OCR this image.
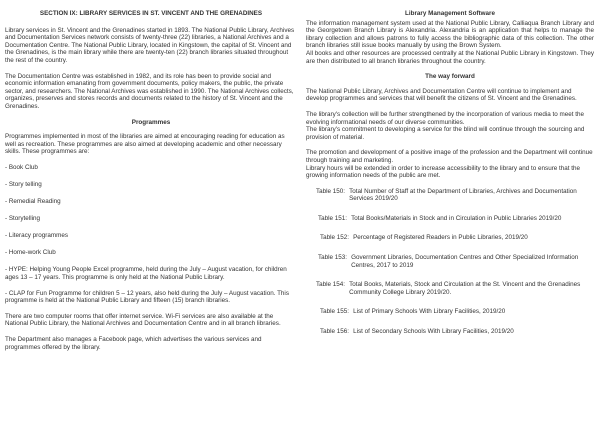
SECTION IX: LIBRARY SERVICES IN ST. VINCENT AND THE GRENADINES

Library services in St. Vincent and the Grenadines started in 1893. The National Public Library, Archives and Documentation Services network consists of twenty-three (22) libraries, a National Archives and a Documentation Centre. The National Public Library, located in Kingstown, the capital of St. Vincent and the Grenadines, is the main library while there are twenty-ten (22) branch libraries situated throughout the rest of the country.

The Documentation Centre was established in 1982, and its role has been to provide social and economic information emanating from government documents, policy makers, the public, the private sector, and researchers. The National Archives was established in 1990. The National Archives collects, organizes, preserves and stores records and documents related to the history of St. Vincent and the Grenadines.

Programmes

Programmes implemented in most of the libraries are aimed at encouraging reading for education as well as recreation. These programmes are also aimed at developing academic and other necessary skills. These programmes are:

- Book Club
- Story telling
- Remedial Reading
- Storytelling
- Literacy programmes
- Home-work Club

- HYPE: Helping Young People Excel programme, held during the July – August vacation, for children ages 13 – 17 years. This programme is only held at the National Public Library.

- CLAP for Fun Programme for children 5 – 12 years, also held during the July – August vacation. This programme is held at the National Public Library and fifteen (15) branch libraries.

There are two computer rooms that offer internet service. Wi-Fi services are also available at the National Public Library, the National Archives and Documentation Centre and in all branch libraries.

The Department also manages a Facebook page, which advertises the various services and programmes offered by the library.

Library Management Software

The information management system used at the National Public Library, Calliaqua Branch Library and the Georgetown Branch Library is Alexandria. Alexandria is an application that helps to manage the library collection and allows patrons to fully access the bibliographic data of this collection. The other branch libraries still issue books manually by using the Brown System.

All books and other resources are processed centrally at the National Public Library in Kingstown. They are then distributed to all branch libraries throughout the country.

The way forward

The National Public Library, Archives and Documentation Centre will continue to implement and develop programmes and services that will benefit the citizens of St. Vincent and the Grenadines.

The library's collection will be further strengthened by the incorporation of various media to meet the evolving informational needs of our diverse communities.

The library's commitment to developing a service for the blind will continue through the sourcing and provision of material.

The promotion and development of a positive image of the profession and the Department will continue through training and marketing.

Library hours will be extended in order to increase accessibility to the library and to ensure that the growing information needs of the public are met.

Table 150: Total Number of Staff at the Department of Libraries, Archives and Documentation Services 2019/20
Table 151: Total Books/Materials in Stock and in Circulation in Public Libraries 2019/20
Table 152: Percentage of Registered Readers in Public Libraries, 2019/20
Table 153: Government Libraries, Documentation Centres and Other Specialized Information Centres, 2017 to 2019
Table 154: Total Books, Materials, Stock and Circulation at the St. Vincent and the Grenadines Community College Library 2019/20.
Table 155: List of Primary Schools With Library Facilities, 2019/20
Table 156: List of Secondary Schools With Library Facilities, 2019/20
